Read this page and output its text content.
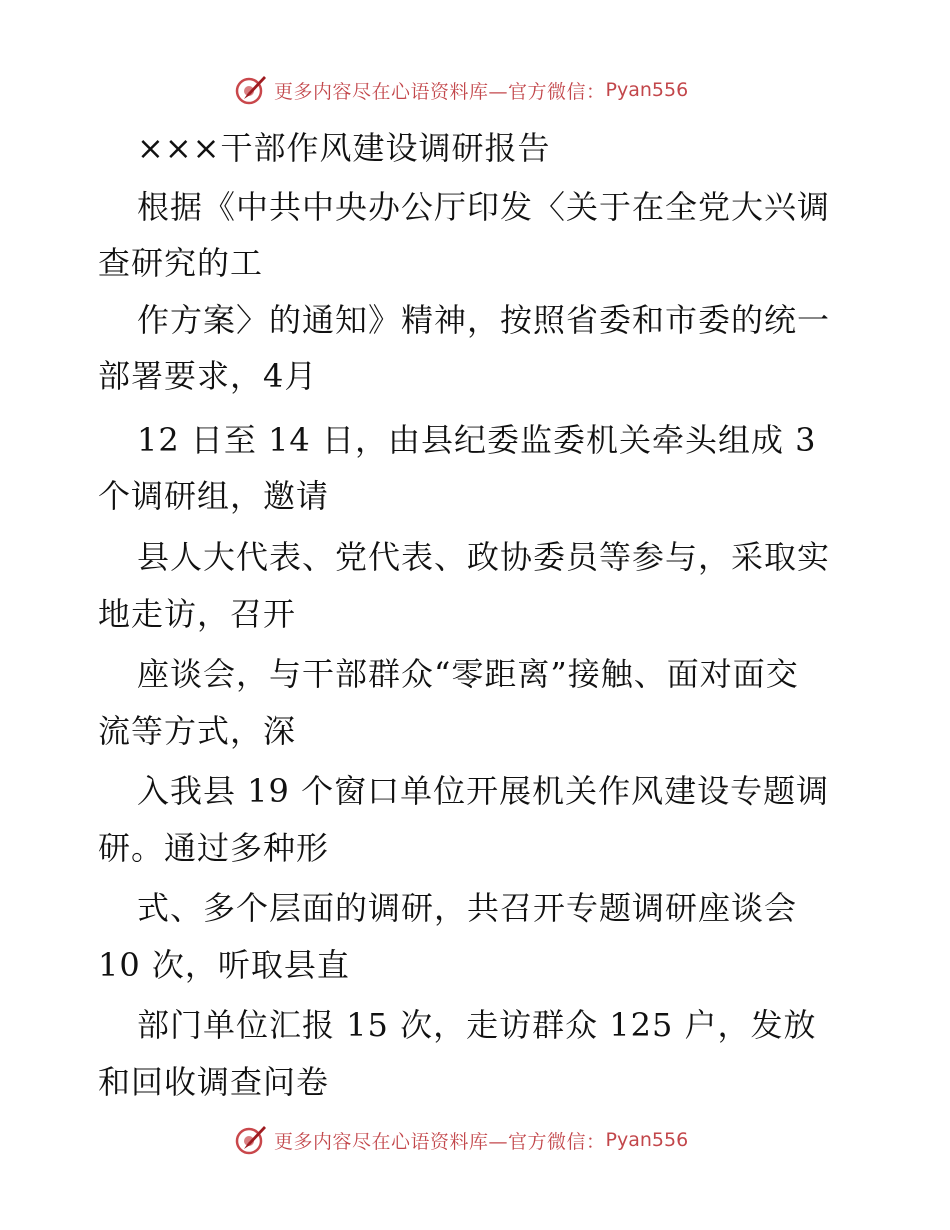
更多内容尽在心语资料库—官方微信： Pyan556
×××干部作风建设调研报告
根据《中共中央办公厅印发〈关于在全党大兴调
查研究的工
作方案〉的通知》精神，按照省委和市委的统一
部署要求，4月
12 日至 14 日，由县纪委监委机关牵头组成 3
个调研组，邀请
县人大代表、党代表、政协委员等参与，采取实
地走访，召开
座谈会，与干部群众“零距离”接触、面对面交
流等方式，深
入我县 19 个窗口单位开展机关作风建设专题调
研。通过多种形
式、多个层面的调研，共召开专题调研座谈会
10 次，听取县直
部门单位汇报 15 次，走访群众 125 户，发放
和回收调查问卷
更多内容尽在心语资料库—官方微信： Pyan556
